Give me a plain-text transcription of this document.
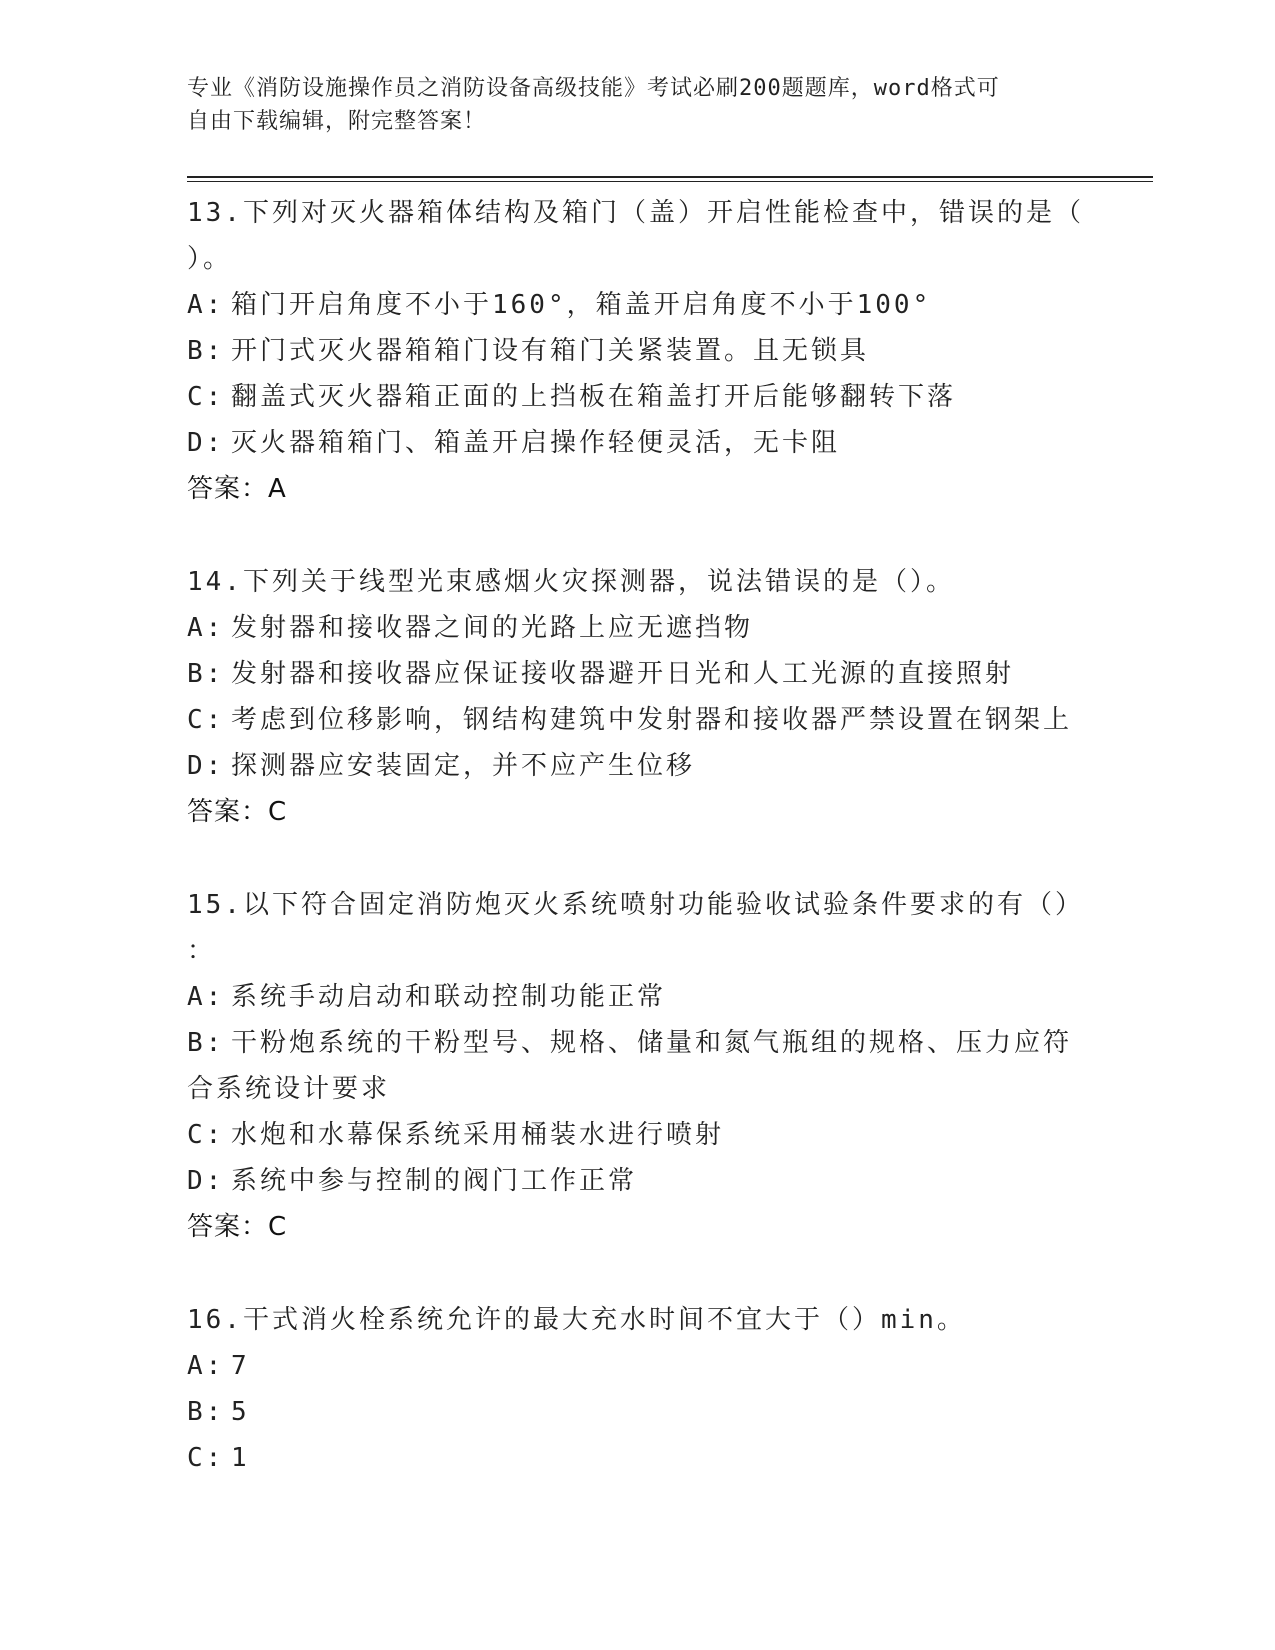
专业《消防设施操作员之消防设备高级技能》考试必刷200题题库，word格式可
自由下载编辑，附完整答案！
13.下列对灭火器箱体结构及箱门（盖）开启性能检查中，错误的是（
）。
A: 箱门开启角度不小于160°，箱盖开启角度不小于100°
B: 开门式灭火器箱箱门设有箱门关紧装置。且无锁具
C: 翻盖式灭火器箱正面的上挡板在箱盖打开后能够翻转下落
D: 灭火器箱箱门、箱盖开启操作轻便灵活，无卡阻
答案：A
14.下列关于线型光束感烟火灾探测器，说法错误的是（）。
A: 发射器和接收器之间的光路上应无遮挡物
B: 发射器和接收器应保证接收器避开日光和人工光源的直接照射
C: 考虑到位移影响，钢结构建筑中发射器和接收器严禁设置在钢架上
D: 探测器应安装固定，并不应产生位移
答案：C
15.以下符合固定消防炮灭火系统喷射功能验收试验条件要求的有（）
：
A: 系统手动启动和联动控制功能正常
B: 干粉炮系统的干粉型号、规格、储量和氮气瓶组的规格、压力应符
合系统设计要求
C: 水炮和水幕保系统采用桶装水进行喷射
D: 系统中参与控制的阀门工作正常
答案：C
16.干式消火栓系统允许的最大充水时间不宜大于（）min。
A: 7
B: 5
C: 1
